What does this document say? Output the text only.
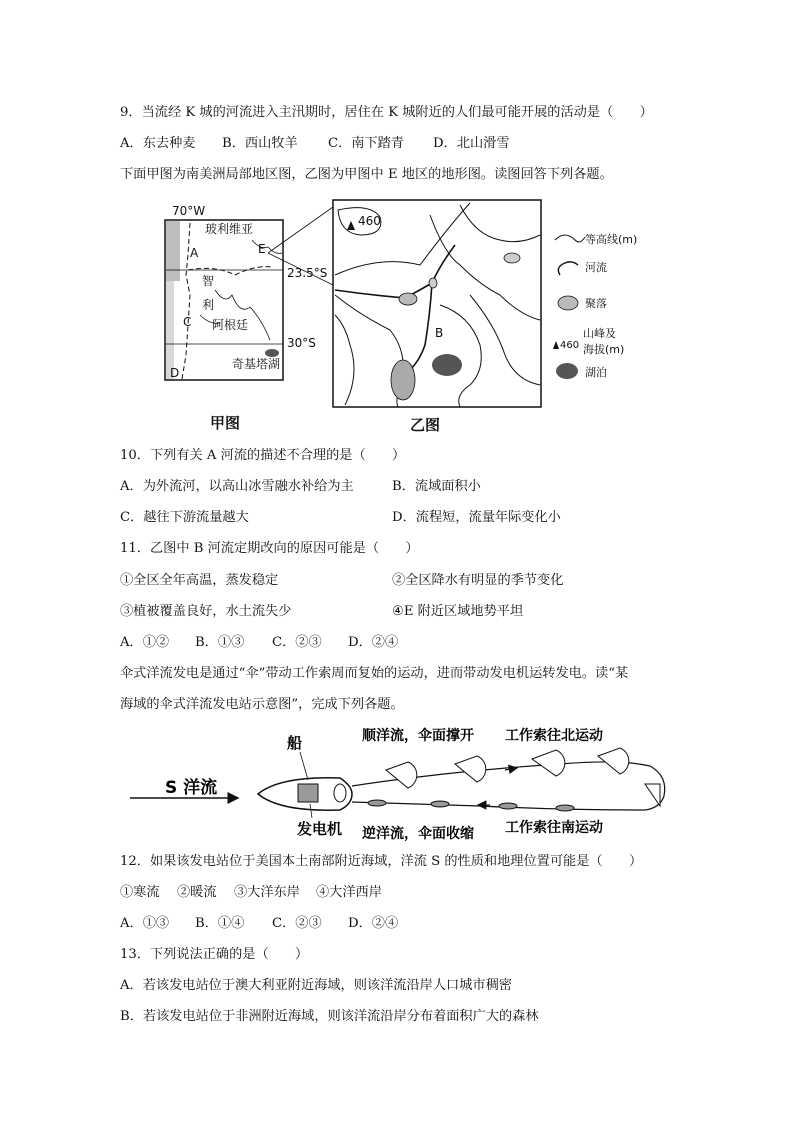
9．当流经 K 城的河流进入主汛期时，居住在 K 城附近的人们最可能开展的活动是（　　）
A．东去种麦 B．西山牧羊 C．南下踏青 D．北山滑雪
下面甲图为南美洲局部地区图，乙图为甲图中 E 地区的地形图。读图回答下列各题。
70°W
玻利维亚
E
A
23.5°S
智
利
C 阿根廷
30°S
奇基塔湖
D
460
B
等高线(m)
河流
聚落
460
山峰及
海拔(m)
湖泊
甲图	乙图
10．下列有关 A 河流的描述不合理的是（　　）
A．为外流河，以高山冰雪融水补给为主	B．流域面积小
C．越往下游流量越大	D．流程短，流量年际变化小
11．乙图中 B 河流定期改向的原因可能是（　　）
①全区全年高温，蒸发稳定	②全区降水有明显的季节变化
③植被覆盖良好，水土流失少	④E 附近区域地势平坦
A．①② B．①③ C．②③ D．②④
伞式洋流发电是通过“伞”带动工作索周而复始的运动，进而带动发电机运转发电。读“某
海域的伞式洋流发电站示意图”，完成下列各题。
S 洋流
船
发电机
顺洋流，伞面撑开 工作索往北运动
逆洋流，伞面收缩 工作索往南运动
12．如果该发电站位于美国本土南部附近海域，洋流 S 的性质和地理位置可能是（　　）
①寒流 ②暖流 ③大洋东岸 ④大洋西岸
A．①③ B．①④ C．②③ D．②④
13．下列说法正确的是（　　）
A．若该发电站位于澳大利亚附近海域，则该洋流沿岸人口城市稠密
B．若该发电站位于非洲附近海域，则该洋流沿岸分布着面积广大的森林
